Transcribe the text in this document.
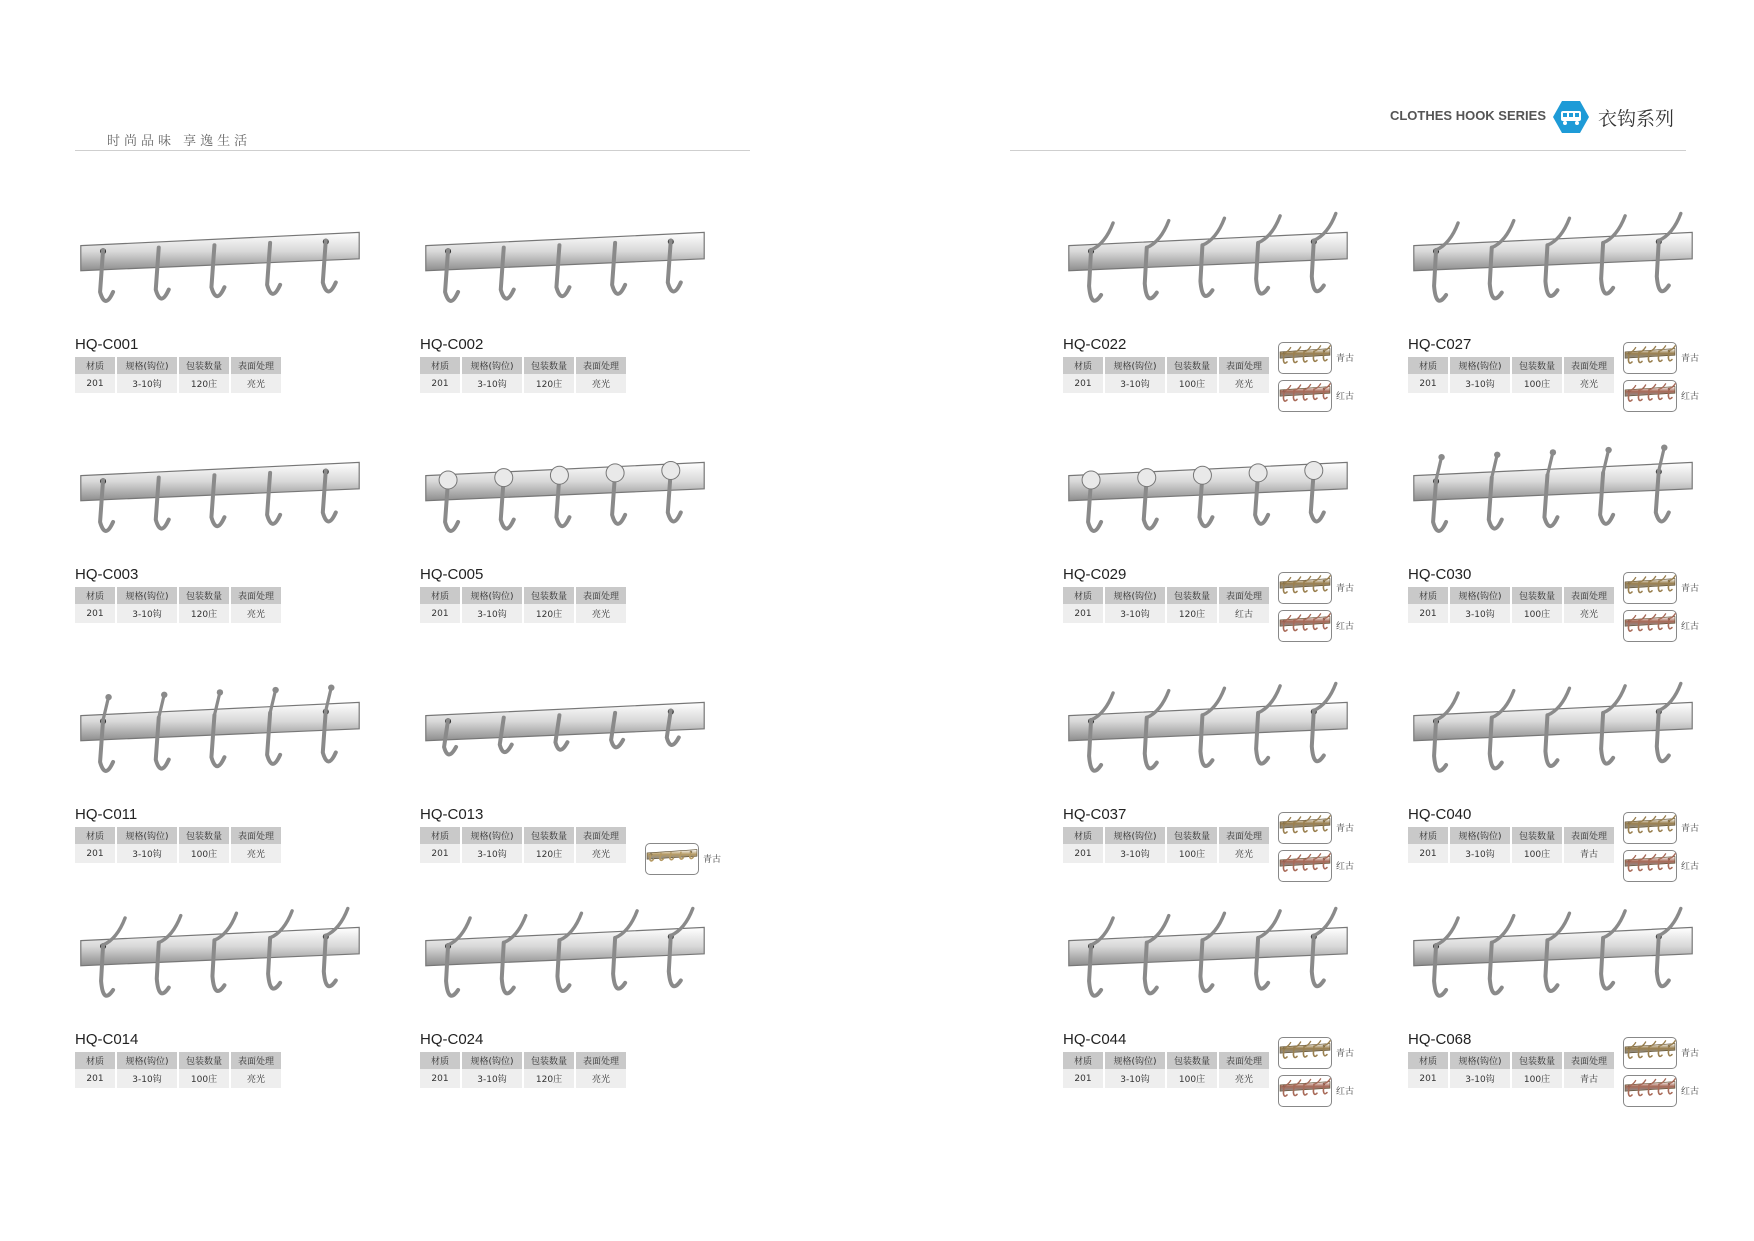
时尚品味 享逸生活
CLOTHES HOOK SERIES	衣钩系列
HQ-C001
材质	规格(钩位)	包装数量	表面处理
201	3-10钩	120庄	亮光
HQ-C002
材质	规格(钩位)	包装数量	表面处理
201	3-10钩	120庄	亮光
HQ-C003
材质	规格(钩位)	包装数量	表面处理
201	3-10钩	120庄	亮光
HQ-C005
材质	规格(钩位)	包装数量	表面处理
201	3-10钩	120庄	亮光
HQ-C011
材质	规格(钩位)	包装数量	表面处理
201	3-10钩	100庄	亮光
HQ-C013
材质	规格(钩位)	包装数量	表面处理
201	3-10钩	120庄	亮光	青古
HQ-C014
材质	规格(钩位)	包装数量	表面处理
201	3-10钩	100庄	亮光
HQ-C024
材质	规格(钩位)	包装数量	表面处理
201	3-10钩	120庄	亮光
HQ-C022
材质	规格(钩位)	包装数量	表面处理
201	3-10钩	100庄	亮光
青古
红古
HQ-C027
材质	规格(钩位)	包装数量	表面处理
201	3-10钩	100庄	亮光
青古
红古
HQ-C029
材质	规格(钩位)	包装数量	表面处理
201	3-10钩	120庄	红古
青古
红古
HQ-C030
材质	规格(钩位)	包装数量	表面处理
201	3-10钩	100庄	亮光
青古
红古
HQ-C037
材质	规格(钩位)	包装数量	表面处理
201	3-10钩	100庄	亮光
青古
红古
HQ-C040
材质	规格(钩位)	包装数量	表面处理
201	3-10钩	100庄	青古
青古
红古
HQ-C044
材质	规格(钩位)	包装数量	表面处理
201	3-10钩	100庄	亮光
青古
红古
HQ-C068
材质	规格(钩位)	包装数量	表面处理
201	3-10钩	100庄	青古
青古
红古
